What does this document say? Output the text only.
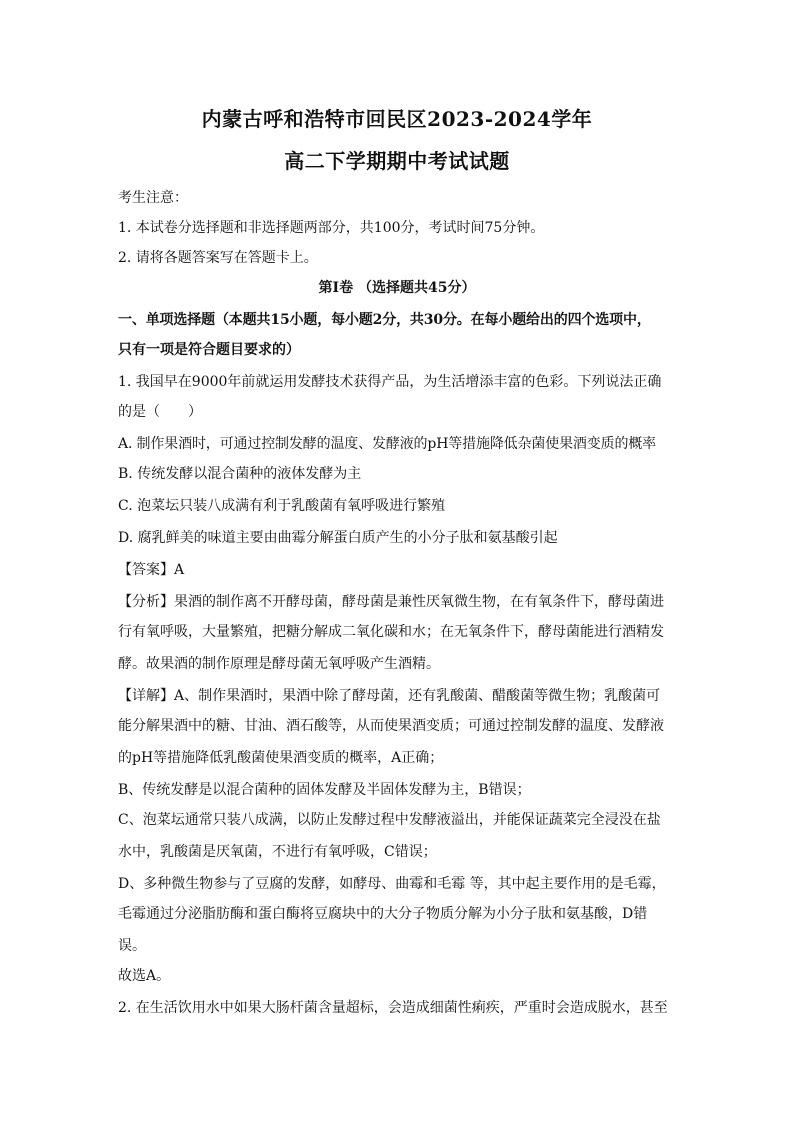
内蒙古呼和浩特市回民区2023-2024学年
高二下学期期中考试试题
考生注意：
1. 本试卷分选择题和非选择题两部分，共100分，考试时间75分钟。
2. 请将各题答案写在答题卡上。
第Ⅰ卷 （选择题共45分）
一、单项选择题（本题共15小题，每小题2分，共30分。在每小题给出的四个选项中，
只有一项是符合题目要求的）
1. 我国早在9000年前就运用发酵技术获得产品，为生活增添丰富的色彩。下列说法正确
的是（　　）
A. 制作果酒时，可通过控制发酵的温度、发酵液的pH等措施降低杂菌使果酒变质的概率
B. 传统发酵以混合菌种的液体发酵为主
C. 泡菜坛只装八成满有利于乳酸菌有氧呼吸进行繁殖
D. 腐乳鲜美的味道主要由曲霉分解蛋白质产生的小分子肽和氨基酸引起
【答案】A
【分析】果酒的制作离不开酵母菌，酵母菌是兼性厌氧微生物，在有氧条件下，酵母菌进
行有氧呼吸，大量繁殖，把糖分解成二氧化碳和水；在无氧条件下，酵母菌能进行酒精发
酵。故果酒的制作原理是酵母菌无氧呼吸产生酒精。
【详解】A、制作果酒时，果酒中除了酵母菌，还有乳酸菌、醋酸菌等微生物；乳酸菌可
能分解果酒中的糖、甘油、酒石酸等，从而使果酒变质；可通过控制发酵的温度、发酵液
的pH等措施降低乳酸菌使果酒变质的概率，A正确；
B、传统发酵是以混合菌种的固体发酵及半固体发酵为主，B错误；
C、泡菜坛通常只装八成满，以防止发酵过程中发酵液溢出，并能保证蔬菜完全浸没在盐
水中，乳酸菌是厌氧菌，不进行有氧呼吸，C错误；
D、多种微生物参与了豆腐的发酵，如酵母、曲霉和毛霉 等，其中起主要作用的是毛霉，
毛霉通过分泌脂肪酶和蛋白酶将豆腐块中的大分子物质分解为小分子肽和氨基酸，D错
误。
故选A。
2. 在生活饮用水中如果大肠杆菌含量超标，会造成细菌性痢疾，严重时会造成脱水，甚至
